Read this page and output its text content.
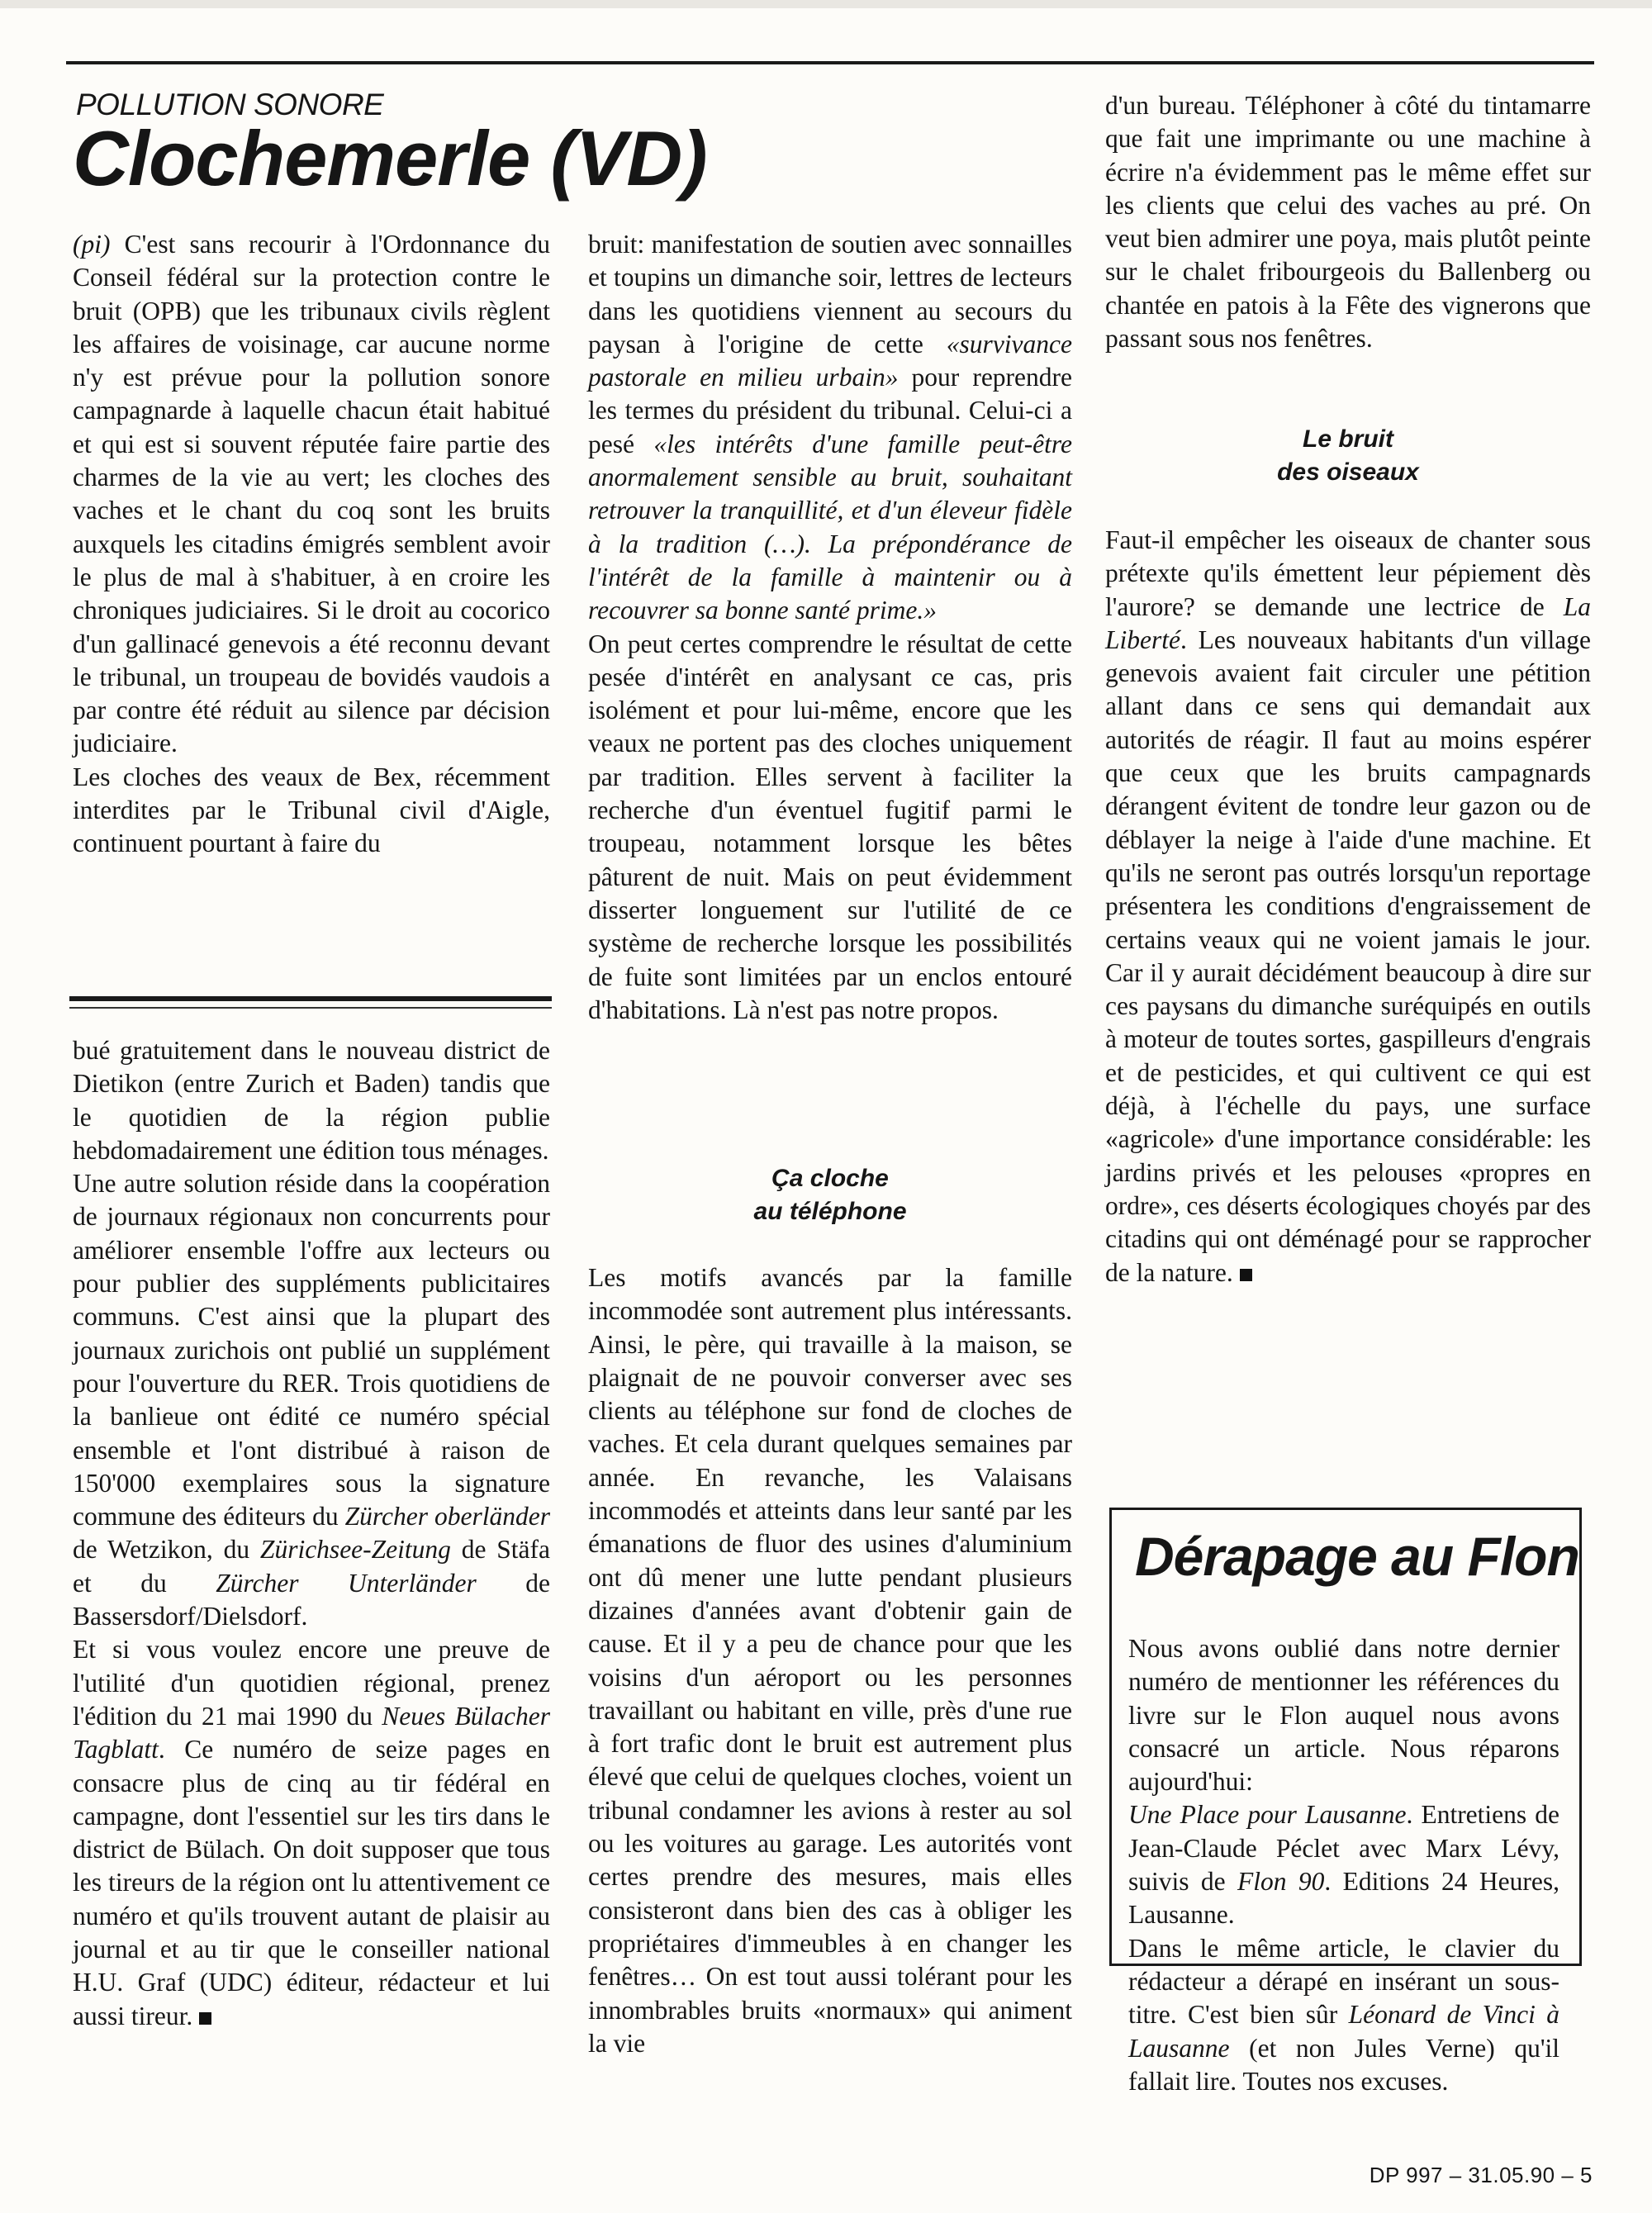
POLLUTION SONORE
Clochemerle (VD)

(pi) C'est sans recourir à l'Ordonnance du Conseil fédéral sur la protection contre le bruit (OPB) que les tribunaux civils règlent les affaires de voisinage, car aucune norme n'y est prévue pour la pollution sonore campagnarde à laquelle chacun était habitué et qui est si souvent réputée faire partie des charmes de la vie au vert; les cloches des vaches et le chant du coq sont les bruits auxquels les citadins émigrés semblent avoir le plus de mal à s'habituer, à en croire les chroniques judiciaires. Si le droit au cocorico d'un gallinacé genevois a été reconnu devant le tribunal, un troupeau de bovidés vaudois a par contre été réduit au silence par décision judiciaire.

Les cloches des veaux de Bex, récemment interdites par le Tribunal civil d'Aigle, continuent pourtant à faire du

bué gratuitement dans le nouveau district de Dietikon (entre Zurich et Baden) tandis que le quotidien de la région publie hebdomadairement une édition tous ménages.

Une autre solution réside dans la coopération de journaux régionaux non concurrents pour améliorer ensemble l'offre aux lecteurs ou pour publier des suppléments publicitaires communs. C'est ainsi que la plupart des journaux zurichois ont publié un supplément pour l'ouverture du RER. Trois quotidiens de la banlieue ont édité ce numéro spécial ensemble et l'ont distribué à raison de 150'000 exemplaires sous la signature commune des éditeurs du Zürcher oberländer de Wetzikon, du Zürichsee-Zeitung de Stäfa et du Zürcher Unterländer de Bassersdorf/Dielsdorf.

Et si vous voulez encore une preuve de l'utilité d'un quotidien régional, prenez l'édition du 21 mai 1990 du Neues Bülacher Tagblatt. Ce numéro de seize pages en consacre plus de cinq au tir fédéral en campagne, dont l'essentiel sur les tirs dans le district de Bülach. On doit supposer que tous les tireurs de la région ont lu attentivement ce numéro et qu'ils trouvent autant de plaisir au journal et au tir que le conseiller national H.U. Graf (UDC) éditeur, rédacteur et lui aussi tireur.

bruit: manifestation de soutien avec sonnailles et toupins un dimanche soir, lettres de lecteurs dans les quotidiens viennent au secours du paysan à l'origine de cette «survivance pastorale en milieu urbain» pour reprendre les termes du président du tribunal. Celui-ci a pesé «les intérêts d'une famille peut-être anormalement sensible au bruit, souhaitant retrouver la tranquillité, et d'un éleveur fidèle à la tradition (…). La prépondérance de l'intérêt de la famille à maintenir ou à recouvrer sa bonne santé prime.»

On peut certes comprendre le résultat de cette pesée d'intérêt en analysant ce cas, pris isolément et pour lui-même, encore que les veaux ne portent pas des cloches uniquement par tradition. Elles servent à faciliter la recherche d'un éventuel fugitif parmi le troupeau, notamment lorsque les bêtes pâturent de nuit. Mais on peut évidemment disserter longuement sur l'utilité de ce système de recherche lorsque les possibilités de fuite sont limitées par un enclos entouré d'habitations. Là n'est pas notre propos.

Ça cloche
au téléphone

Les motifs avancés par la famille incommodée sont autrement plus intéressants. Ainsi, le père, qui travaille à la maison, se plaignait de ne pouvoir converser avec ses clients au téléphone sur fond de cloches de vaches. Et cela durant quelques semaines par année. En revanche, les Valaisans incommodés et atteints dans leur santé par les émanations de fluor des usines d'aluminium ont dû mener une lutte pendant plusieurs dizaines d'années avant d'obtenir gain de cause. Et il y a peu de chance pour que les voisins d'un aéroport ou les personnes travaillant ou habitant en ville, près d'une rue à fort trafic dont le bruit est autrement plus élevé que celui de quelques cloches, voient un tribunal condamner les avions à rester au sol ou les voitures au garage. Les autorités vont certes prendre des mesures, mais elles consisteront dans bien des cas à obliger les propriétaires d'immeubles à en changer les fenêtres… On est tout aussi tolérant pour les innombrables bruits «normaux» qui animent la vie

d'un bureau. Téléphoner à côté du tintamarre que fait une imprimante ou une machine à écrire n'a évidemment pas le même effet sur les clients que celui des vaches au pré. On veut bien admirer une poya, mais plutôt peinte sur le chalet fribourgeois du Ballenberg ou chantée en patois à la Fête des vignerons que passant sous nos fenêtres.

Le bruit
des oiseaux

Faut-il empêcher les oiseaux de chanter sous prétexte qu'ils émettent leur pépiement dès l'aurore? se demande une lectrice de La Liberté. Les nouveaux habitants d'un village genevois avaient fait circuler une pétition allant dans ce sens qui demandait aux autorités de réagir. Il faut au moins espérer que ceux que les bruits campagnards dérangent évitent de tondre leur gazon ou de déblayer la neige à l'aide d'une machine. Et qu'ils ne seront pas outrés lorsqu'un reportage présentera les conditions d'engraissement de certains veaux qui ne voient jamais le jour. Car il y aurait décidément beaucoup à dire sur ces paysans du dimanche suréquipés en outils à moteur de toutes sortes, gaspilleurs d'engrais et de pesticides, et qui cultivent ce qui est déjà, à l'échelle du pays, une surface «agricole» d'une importance considérable: les jardins privés et les pelouses «propres en ordre», ces déserts écologiques choyés par des citadins qui ont déménagé pour se rapprocher de la nature.

Dérapage au Flon

Nous avons oublié dans notre dernier numéro de mentionner les références du livre sur le Flon auquel nous avons consacré un article. Nous réparons aujourd'hui:

Une Place pour Lausanne. Entretiens de Jean-Claude Péclet avec Marx Lévy, suivis de Flon 90. Editions 24 Heures, Lausanne.

Dans le même article, le clavier du rédacteur a dérapé en insérant un sous-titre. C'est bien sûr Léonard de Vinci à Lausanne (et non Jules Verne) qu'il fallait lire. Toutes nos excuses.

DP 997 – 31.05.90 – 5
